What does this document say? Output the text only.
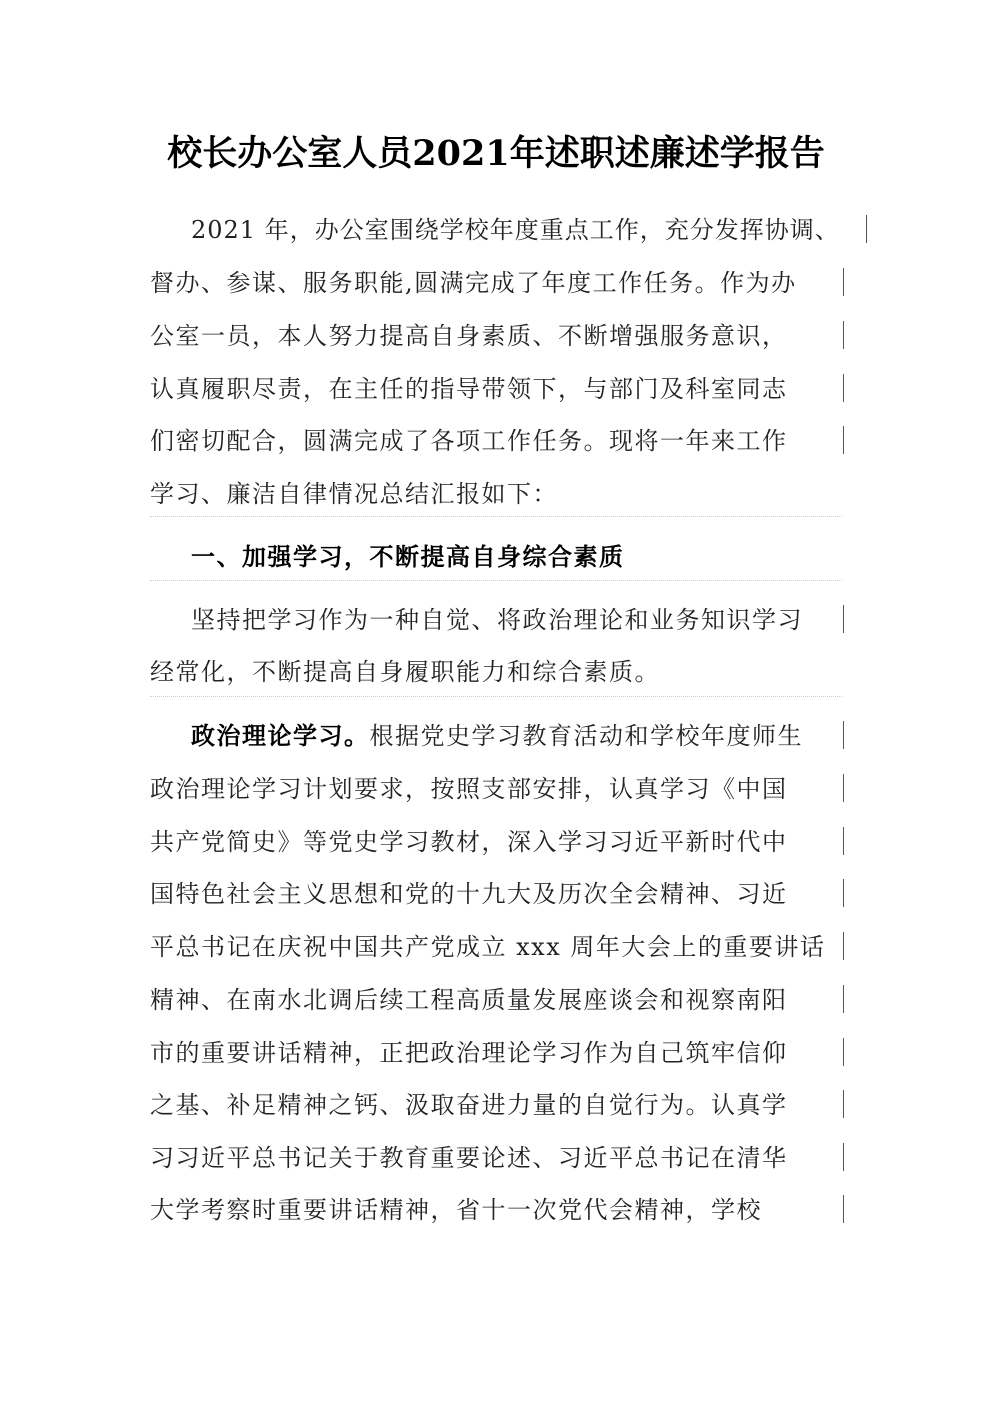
校长办公室人员2021年述职述廉述学报告
2021 年，办公室围绕学校年度重点工作，充分发挥协调、
督办、参谋、服务职能,圆满完成了年度工作任务。作为办
公室一员，本人努力提高自身素质、不断增强服务意识，
认真履职尽责，在主任的指导带领下，与部门及科室同志
们密切配合，圆满完成了各项工作任务。现将一年来工作
学习、廉洁自律情况总结汇报如下：
一、加强学习，不断提高自身综合素质
坚持把学习作为一种自觉、将政治理论和业务知识学习
经常化，不断提高自身履职能力和综合素质。
政治理论学习。根据党史学习教育活动和学校年度师生
政治理论学习计划要求，按照支部安排，认真学习《中国
共产党简史》等党史学习教材，深入学习习近平新时代中
国特色社会主义思想和党的十九大及历次全会精神、习近
平总书记在庆祝中国共产党成立 xxx 周年大会上的重要讲话
精神、在南水北调后续工程高质量发展座谈会和视察南阳
市的重要讲话精神，正把政治理论学习作为自己筑牢信仰
之基、补足精神之钙、汲取奋进力量的自觉行为。认真学
习习近平总书记关于教育重要论述、习近平总书记在清华
大学考察时重要讲话精神，省十一次党代会精神，学校
